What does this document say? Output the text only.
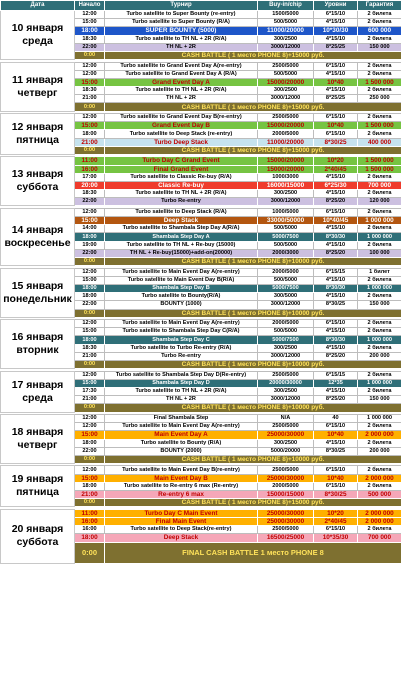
Дата	Начало	Турнир	Buy-in/chip	Уровни	Гарантия
10 января среда	12:00	Turbo satellite to Super Bounty (re-entry)	1500/5000	6*15/10	2 билета
	15:00	Turbo satellite to Super Bounty (R/A)	500/5000	4*15/10	2 билета
	18:00	SUPER BOUNTY (5000)	11000/20000	10*30/30	600 000
	18:30	Turbo satellite to TH NL + 2R (R/A)	300/2500	4*15/10	2 билета
	22:00	TH NL + 2R	3000/12000	8*25/25	150 000
	0:00	CASH BATTLE ( 1 место PHONE 8)+15000 руб.			

11 января четверг	12:00	Turbo satellite to Grand Event Day A(re-entry)	2500/5000	6*15/10	2 билета
	12:00	Turbo satellite to Grand Event Day A (R/A)	500/5000	4*15/10	2 билета
	15:00	Grand Event Day A	15000/20000	10*40	1 500 000
	18:30	Turbo satellite to TH NL + 2R (R/A)	300/2500	4*15/10	2 билета
	21:00	TH NL + 2R	3000/12000	8*25/25	250 000
	0:00	CASH BATTLE ( 1 место PHONE 8)+15000 руб.			

12 января пятница	12:00	Turbo satellite to Grand Event Day B(re-entry)	2500/5000	6*15/10	2 билета
	15:00	Grand Event Day B	15000/20000	10*40	1 500 000
	18:00	Turbo satellite to Deep Stack (re-entry)	2000/5000	6*15/10	2 билета
	21:00	Turbo Deep Stack	11000/20000	8*30/25	400 000
	0:00	CASH BATTLE ( 1 место PHONE 8)+15000 руб.			

13 января суббота	11:00	Turbo Day C Grand Event	15000/20000	10*20	1 500 000
	16:00	Final Grand Event	15000/20000	2*40/45	1 500 000
	17:00	Turbo satellite to Classic Re-buy (R/A)	1000/3000	4*15/10	2 билета
	20:00	Classic Re-buy	16000/15000	6*25/30	700 000
	18:30	Turbo satellite to TH NL + 2R (R/A)	300/2500	4*15/10	2 билета
	22:00	Turbo Re-entry	3000/12000	8*25/20	120 000

14 января воскресенье	12:00	Turbo satellite to Deep Stack (R/A)	1000/5000	6*15/10	2 билета
	15:00	Deep Stack	33000/50000	10*40/45	1 000 000
	14:00	Turbo satellite to Shambala Step Day A(R/A)	500/5000	4*15/10	2 билета
	18:00	Shambala Step Day A	5000/7500	8*30/30	1 000 000
	19:00	Turbo satellite to TH NL + Re-buy (15000)	500/5000	4*15/10	2 билета
	22:00	TH NL + Re-buy(15000)+add-on(20000)	2000/3000	8*25/20	100 000
	0:00	CASH BATTLE ( 1 место PHONE 8)+10000 руб.			

15 января понедельник	12:00	Turbo satellite to Main Event Day A(re-entry)	2000/5000	6*15/15	1 билет
	15:00	Turbo satellite to Main Event Day B(R/A)	500/5000	4*15/10	2 билета
	18:00	Shambala Step Day B	5000/7500	8*30/30	1 000 000
	18:00	Turbo satellite to Bounty(R/A)	300/5000	4*15/10	2 билета
	22:00	BOUNTY (1000)	3000/12000	8*30/25	150 000
	0:00	CASH BATTLE ( 1 место PHONE 8)+10000 руб.			

16 января вторник	12:00	Turbo satellite to Main Event Day A(re-entry)	2000/5000	6*15/10	2 билета
	15:00	Turbo satellite to Shambala Step Day C(R/A)	500/5000	4*15/10	2 билета
	18:00	Shambala Step Day C	5000/7500	8*30/30	1 000 000
	18:30	Turbo satellite to Turbo Re-entry (R/A)	300/2500	4*15/10	2 билета
	21:00	Turbo Re-entry	3000/12000	8*25/20	200 000
	0:00	CASH BATTLE ( 1 место PHONE 8)+10000 руб.			

17 января среда	12:00	Turbo satellite to Shambala Step Day D(Re-entry)	2500/5000	6*15/15	2 билета
	15:00	Shambala Step Day D	20000/30000	12*35	1 000 000
	17:30	Turbo satellite to TH NL + 2R (R/A)	300/2500	4*15/10	2 билета
	21:00	TH NL + 2R	3000/12000	8*25/20	150 000
	0:00	CASH BATTLE ( 1 место PHONE 8)+10000 руб.			

18 января четверг	12:00	Final Shambala Step	N/A	40	1 000 000
	12:00	Turbo satellite to Main Event Day A(re-entry)	2500/5000	6*15/10	2 билета
	15:00	Main Event Day A	25000/30000	10*40	2 000 000
	18:00	Turbo satellite to Bounty (R/A)	300/2500	4*15/10	2 билета
	22:00	BOUNTY (2000)	5000/20000	8*30/25	200 000
	0:00	CASH BATTLE ( 1 место PHONE 8)+10000 руб.			

19 января пятница	12:00	Turbo satellite to Main Event Day B(re-entry)	2500/5000	6*15/10	2 билета
	15:00	Main Event Day B	25000/30000	10*40	2 000 000
	18:00	Turbo satellite to Re-entry 6 max (Re-entry)	2000/5000	6*15/10	2 билета
	21:00	Re-entry 6 max	15000/15000	8*30/25	500 000
	0:00	CASH BATTLE ( 1 место PHONE 8)+15000 руб.			

20 января суббота	11:00	Turbo Day C Main Event	25000/30000	10*20	2 000 000
	16:00	Final Main Event	25000/30000	2*40/45	2 000 000
	16:00	Turbo satellite to Deep Stack(re-entry)	2500/5000	6*15/10	2 билета
	18:00	Deep Stack	16500/25000	10*35/30	700 000
	0:00	FINAL CASH BATTLE 1 место PHONE 8			
